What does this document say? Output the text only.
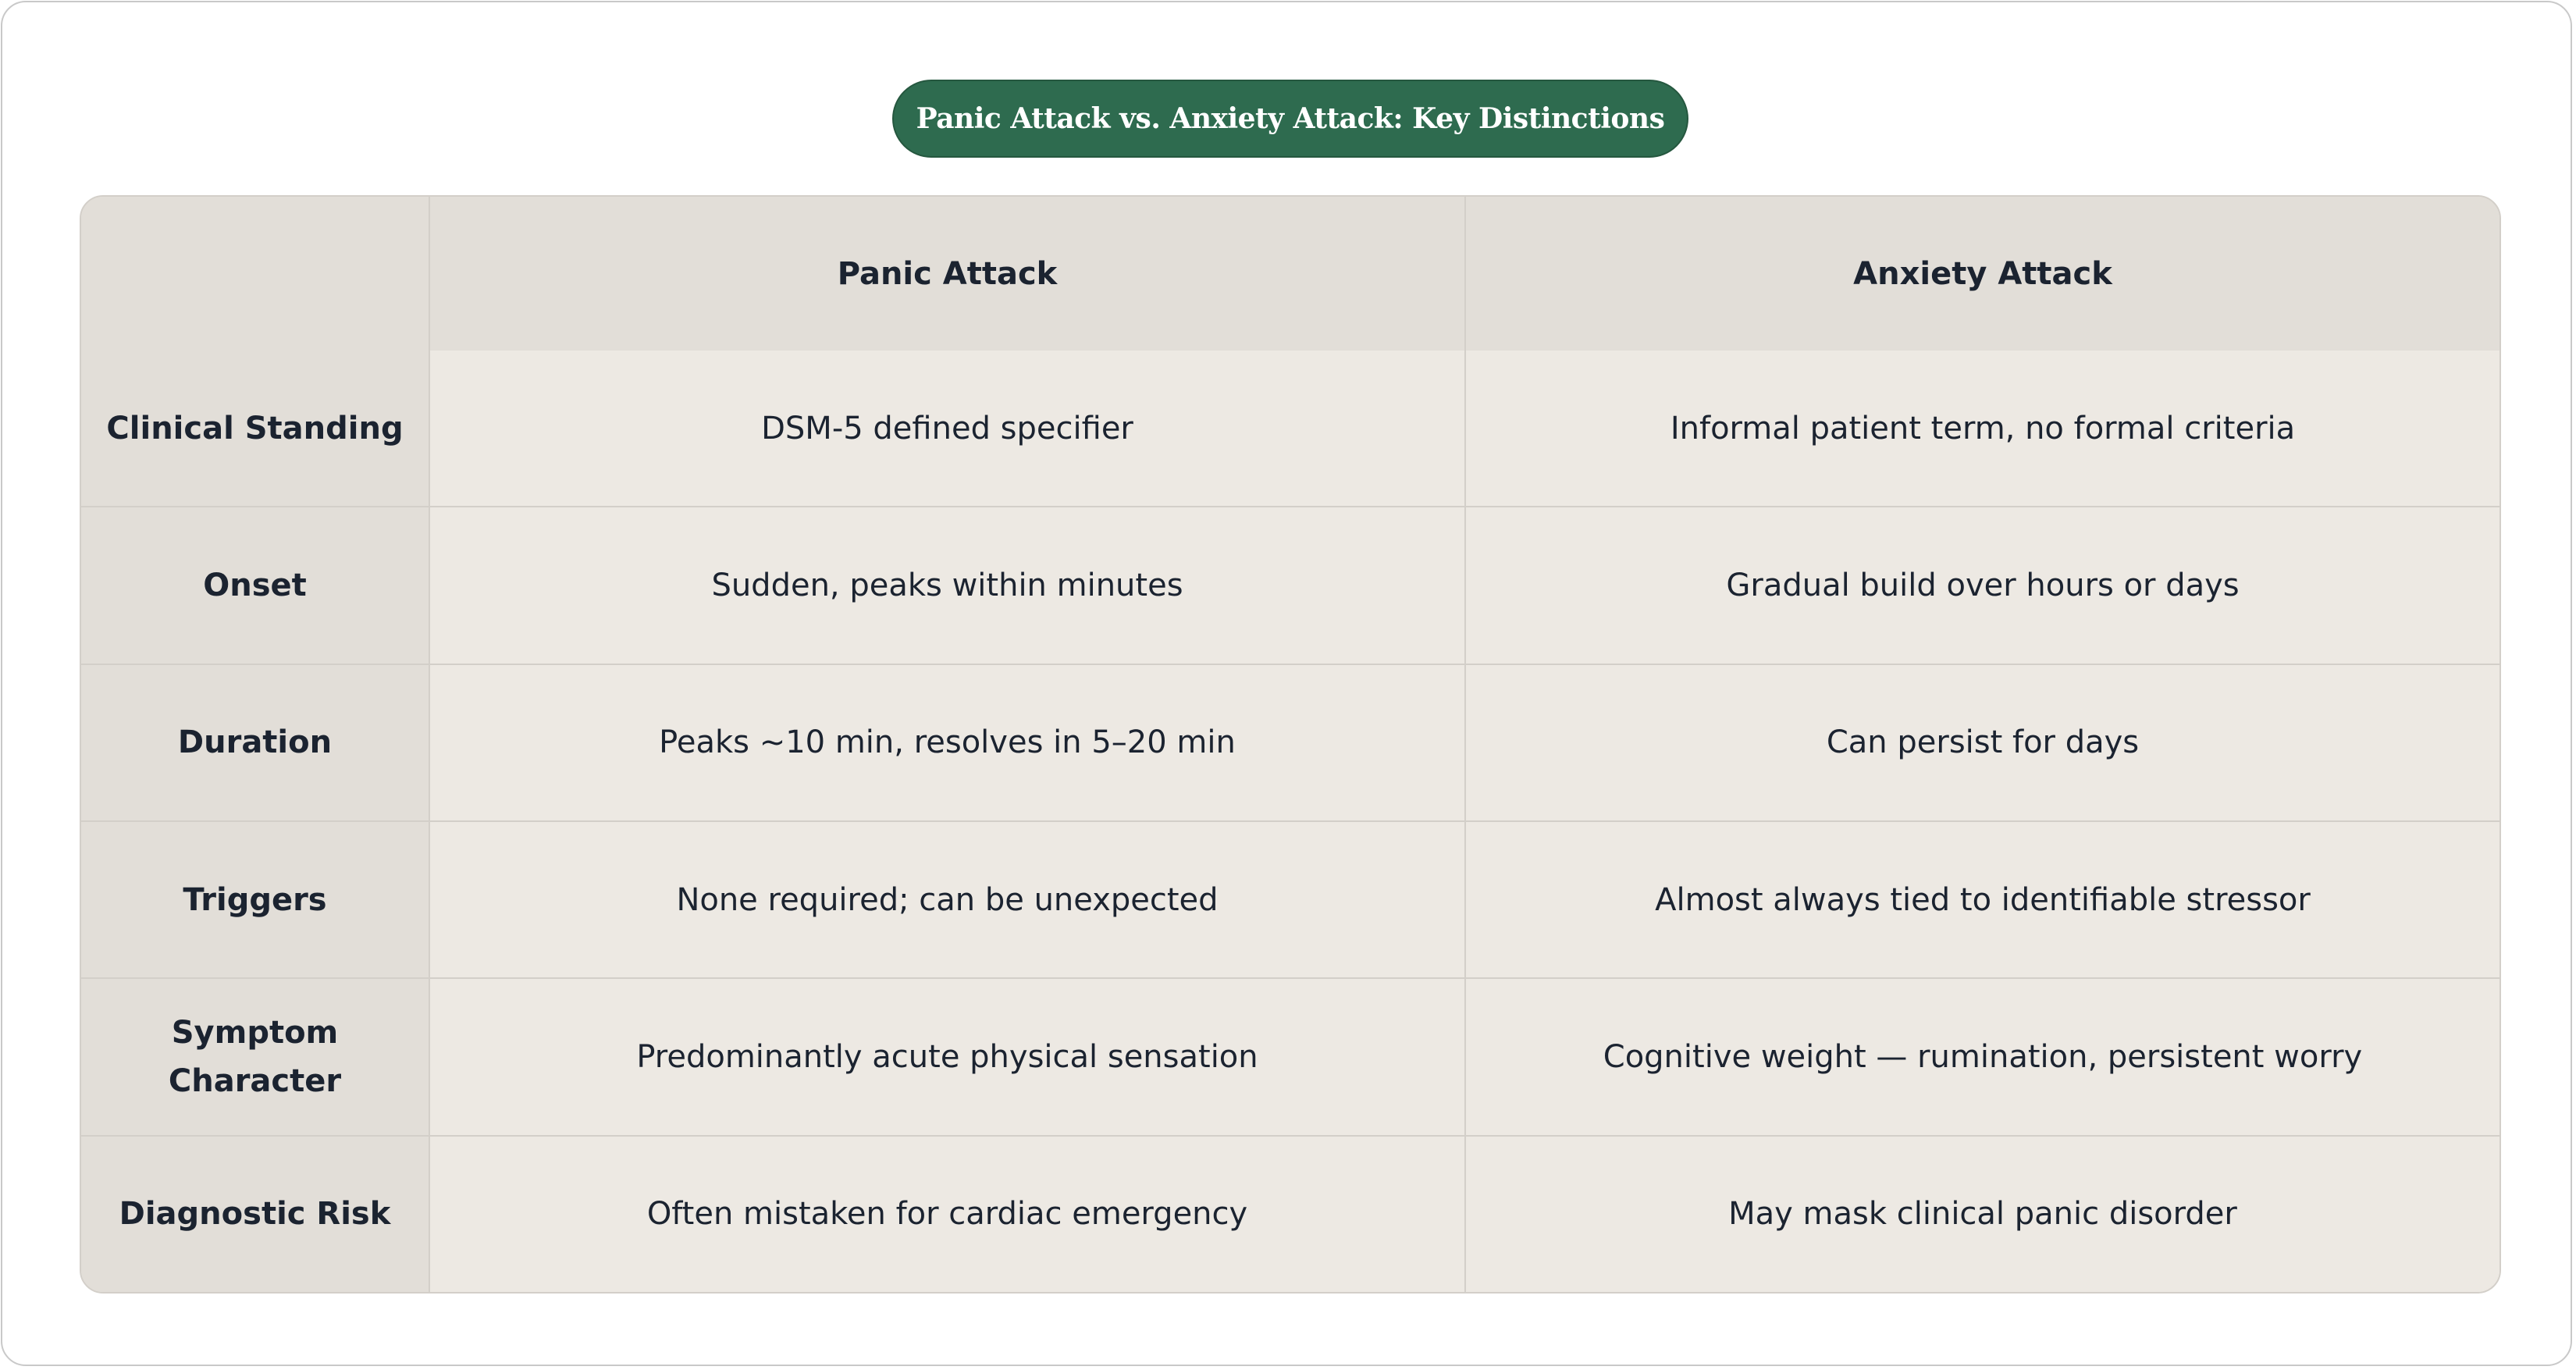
Panic Attack vs. Anxiety Attack: Key Distinctions
	Panic Attack	Anxiety Attack
Clinical Standing	DSM-5 defined specifier	Informal patient term, no formal criteria
Onset	Sudden, peaks within minutes	Gradual build over hours or days
Duration	Peaks ~10 min, resolves in 5–20 min	Can persist for days
Triggers	None required; can be unexpected	Almost always tied to identifiable stressor
Symptom Character	Predominantly acute physical sensation	Cognitive weight — rumination, persistent worry
Diagnostic Risk	Often mistaken for cardiac emergency	May mask clinical panic disorder
